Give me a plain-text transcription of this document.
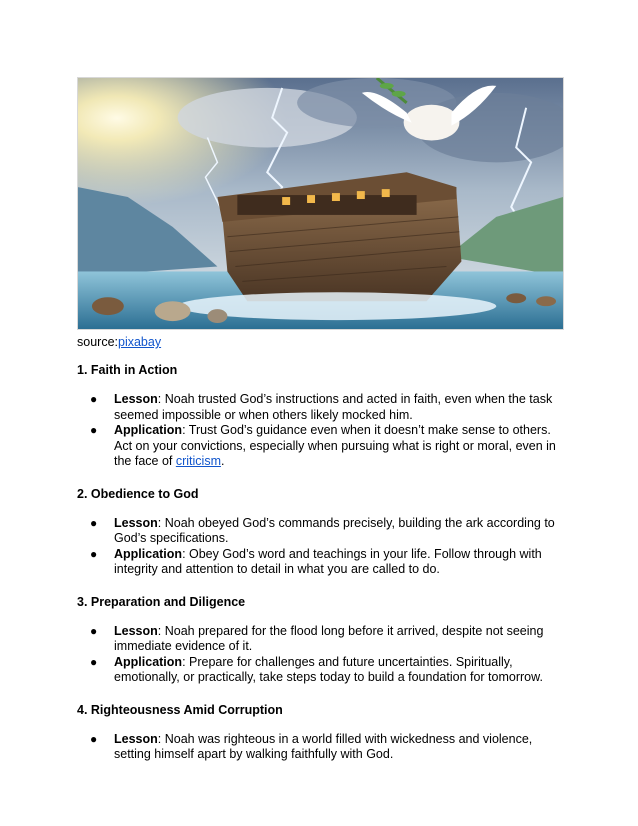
source:pixabay
1. Faith in Action
● Lesson: Noah trusted God’s instructions and acted in faith, even when the task seemed impossible or when others likely mocked him.
● Application: Trust God’s guidance even when it doesn’t make sense to others. Act on your convictions, especially when pursuing what is right or moral, even in the face of criticism.
2. Obedience to God
● Lesson: Noah obeyed God’s commands precisely, building the ark according to God’s specifications.
● Application: Obey God’s word and teachings in your life. Follow through with integrity and attention to detail in what you are called to do.
3. Preparation and Diligence
● Lesson: Noah prepared for the flood long before it arrived, despite not seeing immediate evidence of it.
● Application: Prepare for challenges and future uncertainties. Spiritually, emotionally, or practically, take steps today to build a foundation for tomorrow.
4. Righteousness Amid Corruption
● Lesson: Noah was righteous in a world filled with wickedness and violence, setting himself apart by walking faithfully with God.
